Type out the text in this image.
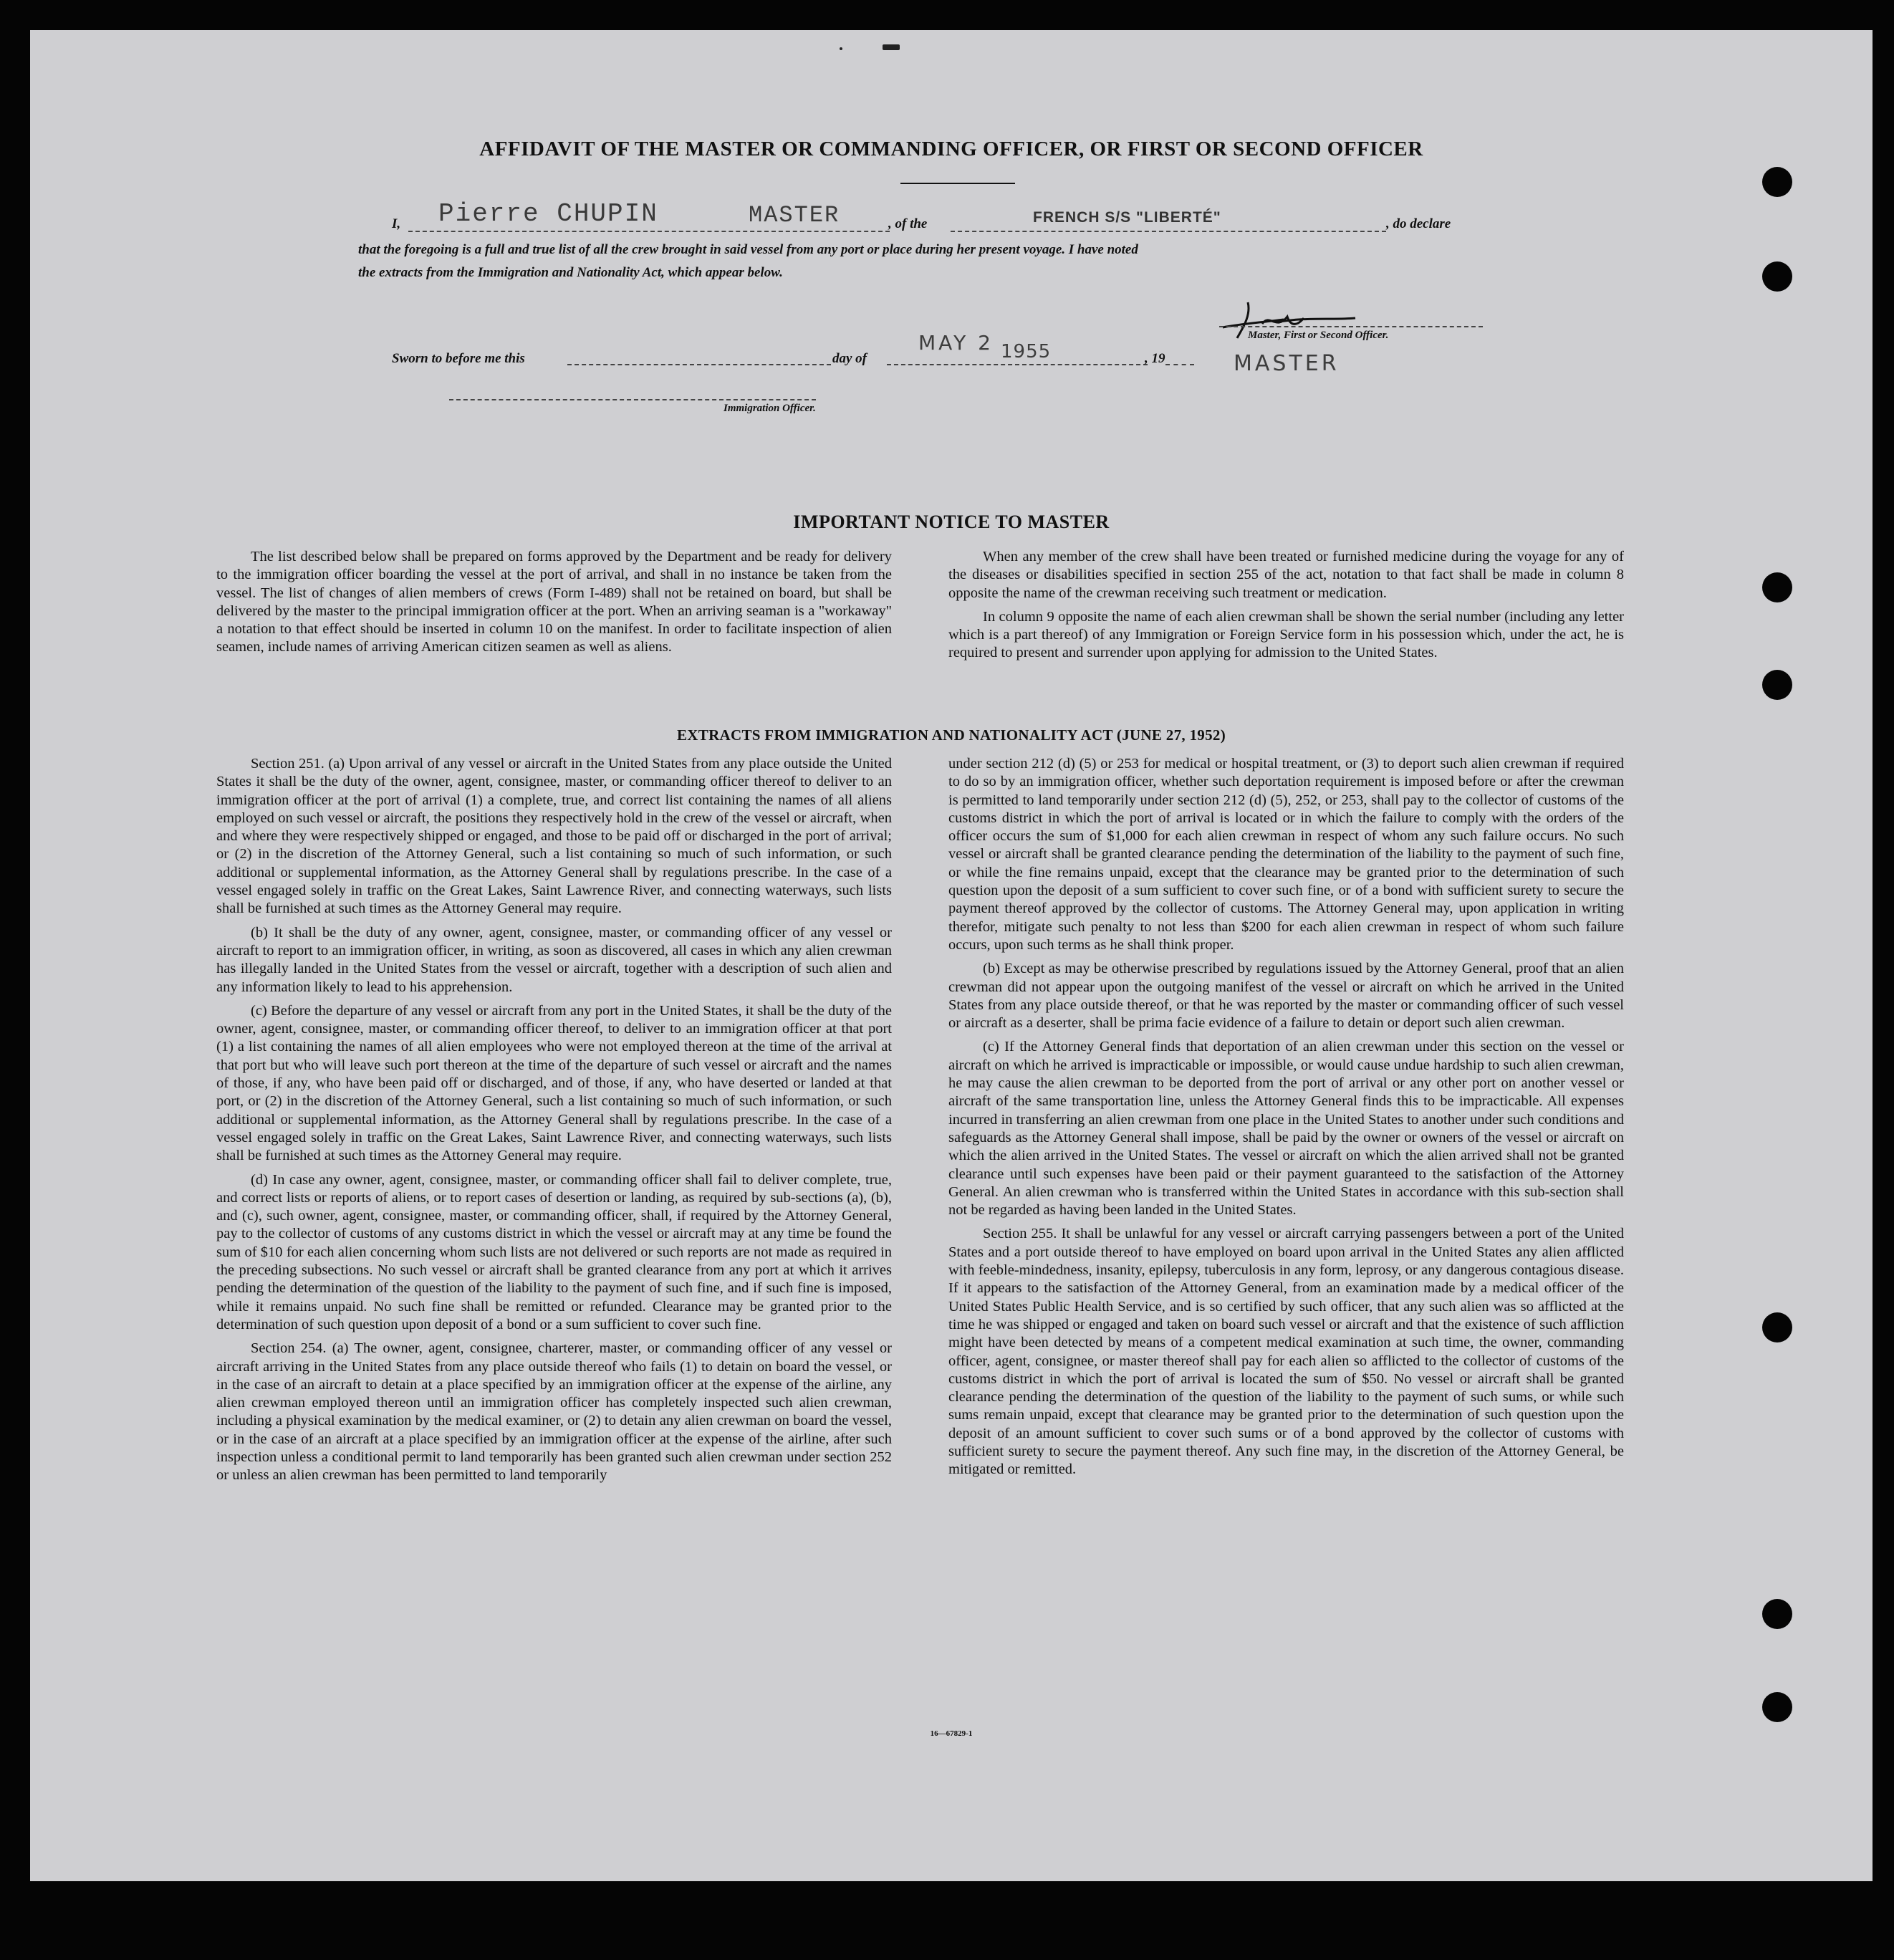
AFFIDAVIT OF THE MASTER OR COMMANDING OFFICER, OR FIRST OR SECOND OFFICER
I, Pierre CHUPIN	MASTER	, of the	FRENCH S/S "LIBERTÉ"	, do declare
that the foregoing is a full and true list of all the crew brought in said vessel from any port or place during her present voyage. I have noted
the extracts from the Immigration and Nationality Act, which appear below.
Master, First or Second Officer.
MASTER
Sworn to before me this	day of
MAY 2 1955	, 19
Immigration Officer.
IMPORTANT NOTICE TO MASTER

The list described below shall be prepared on forms approved by the Department and be ready for delivery to the immigration officer boarding the vessel at the port of arrival, and shall in no instance be taken from the vessel. The list of changes of alien members of crews (Form I-489) shall not be retained on board, but shall be delivered by the master to the principal immigration officer at the port. When an arriving seaman is a "workaway" a notation to that effect should be inserted in column 10 on the manifest. In order to facilitate inspection of alien seamen, include names of arriving American citizen seamen as well as aliens.

When any member of the crew shall have been treated or furnished medicine during the voyage for any of the diseases or disabilities specified in section 255 of the act, notation to that fact shall be made in column 8 opposite the name of the crewman receiving such treatment or medication.

In column 9 opposite the name of each alien crewman shall be shown the serial number (including any letter which is a part thereof) of any Immigration or Foreign Service form in his possession which, under the act, he is required to present and surrender upon applying for admission to the United States.

EXTRACTS FROM IMMIGRATION AND NATIONALITY ACT (JUNE 27, 1952)

Section 251. (a) Upon arrival of any vessel or aircraft in the United States from any place outside the United States it shall be the duty of the owner, agent, consignee, master, or commanding officer thereof to deliver to an immigration officer at the port of arrival (1) a complete, true, and correct list containing the names of all aliens employed on such vessel or aircraft, the positions they respectively hold in the crew of the vessel or aircraft, when and where they were respectively shipped or engaged, and those to be paid off or discharged in the port of arrival; or (2) in the discretion of the Attorney General, such a list containing so much of such information, or such additional or supplemental information, as the Attorney General shall by regulations prescribe. In the case of a vessel engaged solely in traffic on the Great Lakes, Saint Lawrence River, and connecting waterways, such lists shall be furnished at such times as the Attorney General may require.

(b) It shall be the duty of any owner, agent, consignee, master, or commanding officer of any vessel or aircraft to report to an immigration officer, in writing, as soon as discovered, all cases in which any alien crewman has illegally landed in the United States from the vessel or aircraft, together with a description of such alien and any information likely to lead to his apprehension.

(c) Before the departure of any vessel or aircraft from any port in the United States, it shall be the duty of the owner, agent, consignee, master, or commanding officer thereof, to deliver to an immigration officer at that port (1) a list containing the names of all alien employees who were not employed thereon at the time of the arrival at that port but who will leave such port thereon at the time of the departure of such vessel or aircraft and the names of those, if any, who have been paid off or discharged, and of those, if any, who have deserted or landed at that port, or (2) in the discretion of the Attorney General, such a list containing so much of such information, or such additional or supplemental information, as the Attorney General shall by regulations prescribe. In the case of a vessel engaged solely in traffic on the Great Lakes, Saint Lawrence River, and connecting waterways, such lists shall be furnished at such times as the Attorney General may require.

(d) In case any owner, agent, consignee, master, or commanding officer shall fail to deliver complete, true, and correct lists or reports of aliens, or to report cases of desertion or landing, as required by sub-sections (a), (b), and (c), such owner, agent, consignee, master, or commanding officer, shall, if required by the Attorney General, pay to the collector of customs of any customs district in which the vessel or aircraft may at any time be found the sum of $10 for each alien concerning whom such lists are not delivered or such reports are not made as required in the preceding subsections. No such vessel or aircraft shall be granted clearance from any port at which it arrives pending the determination of the question of the liability to the payment of such fine, and if such fine is imposed, while it remains unpaid. No such fine shall be remitted or refunded. Clearance may be granted prior to the determination of such question upon deposit of a bond or a sum sufficient to cover such fine.

Section 254. (a) The owner, agent, consignee, charterer, master, or commanding officer of any vessel or aircraft arriving in the United States from any place outside thereof who fails (1) to detain on board the vessel, or in the case of an aircraft to detain at a place specified by an immigration officer at the expense of the airline, any alien crewman employed thereon until an immigration officer has completely inspected such alien crewman, including a physical examination by the medical examiner, or (2) to detain any alien crewman on board the vessel, or in the case of an aircraft at a place specified by an immigration officer at the expense of the airline, after such inspection unless a conditional permit to land temporarily has been granted such alien crewman under section 252 or unless an alien crewman has been permitted to land temporarily

under section 212 (d) (5) or 253 for medical or hospital treatment, or (3) to deport such alien crewman if required to do so by an immigration officer, whether such deportation requirement is imposed before or after the crewman is permitted to land temporarily under section 212 (d) (5), 252, or 253, shall pay to the collector of customs of the customs district in which the port of arrival is located or in which the failure to comply with the orders of the officer occurs the sum of $1,000 for each alien crewman in respect of whom any such failure occurs. No such vessel or aircraft shall be granted clearance pending the determination of the liability to the payment of such fine, or while the fine remains unpaid, except that the clearance may be granted prior to the determination of such question upon the deposit of a sum sufficient to cover such fine, or of a bond with sufficient surety to secure the payment thereof approved by the collector of customs. The Attorney General may, upon application in writing therefor, mitigate such penalty to not less than $200 for each alien crewman in respect of whom such failure occurs, upon such terms as he shall think proper.

(b) Except as may be otherwise prescribed by regulations issued by the Attorney General, proof that an alien crewman did not appear upon the outgoing manifest of the vessel or aircraft on which he arrived in the United States from any place outside thereof, or that he was reported by the master or commanding officer of such vessel or aircraft as a deserter, shall be prima facie evidence of a failure to detain or deport such alien crewman.

(c) If the Attorney General finds that deportation of an alien crewman under this section on the vessel or aircraft on which he arrived is impracticable or impossible, or would cause undue hardship to such alien crewman, he may cause the alien crewman to be deported from the port of arrival or any other port on another vessel or aircraft of the same transportation line, unless the Attorney General finds this to be impracticable. All expenses incurred in transferring an alien crewman from one place in the United States to another under such conditions and safeguards as the Attorney General shall impose, shall be paid by the owner or owners of the vessel or aircraft on which the alien arrived in the United States. The vessel or aircraft on which the alien arrived shall not be granted clearance until such expenses have been paid or their payment guaranteed to the satisfaction of the Attorney General. An alien crewman who is transferred within the United States in accordance with this sub-section shall not be regarded as having been landed in the United States.

Section 255. It shall be unlawful for any vessel or aircraft carrying passengers between a port of the United States and a port outside thereof to have employed on board upon arrival in the United States any alien afflicted with feeble-mindedness, insanity, epilepsy, tuberculosis in any form, leprosy, or any dangerous contagious disease. If it appears to the satisfaction of the Attorney General, from an examination made by a medical officer of the United States Public Health Service, and is so certified by such officer, that any such alien was so afflicted at the time he was shipped or engaged and taken on board such vessel or aircraft and that the existence of such affliction might have been detected by means of a competent medical examination at such time, the owner, commanding officer, agent, consignee, or master thereof shall pay for each alien so afflicted to the collector of customs of the customs district in which the port of arrival is located the sum of $50. No vessel or aircraft shall be granted clearance pending the determination of the question of the liability to the payment of such sums, or while such sums remain unpaid, except that clearance may be granted prior to the determination of such question upon the deposit of an amount sufficient to cover such sums or of a bond approved by the collector of customs with sufficient surety to secure the payment thereof. Any such fine may, in the discretion of the Attorney General, be mitigated or remitted.

16—67829-1
